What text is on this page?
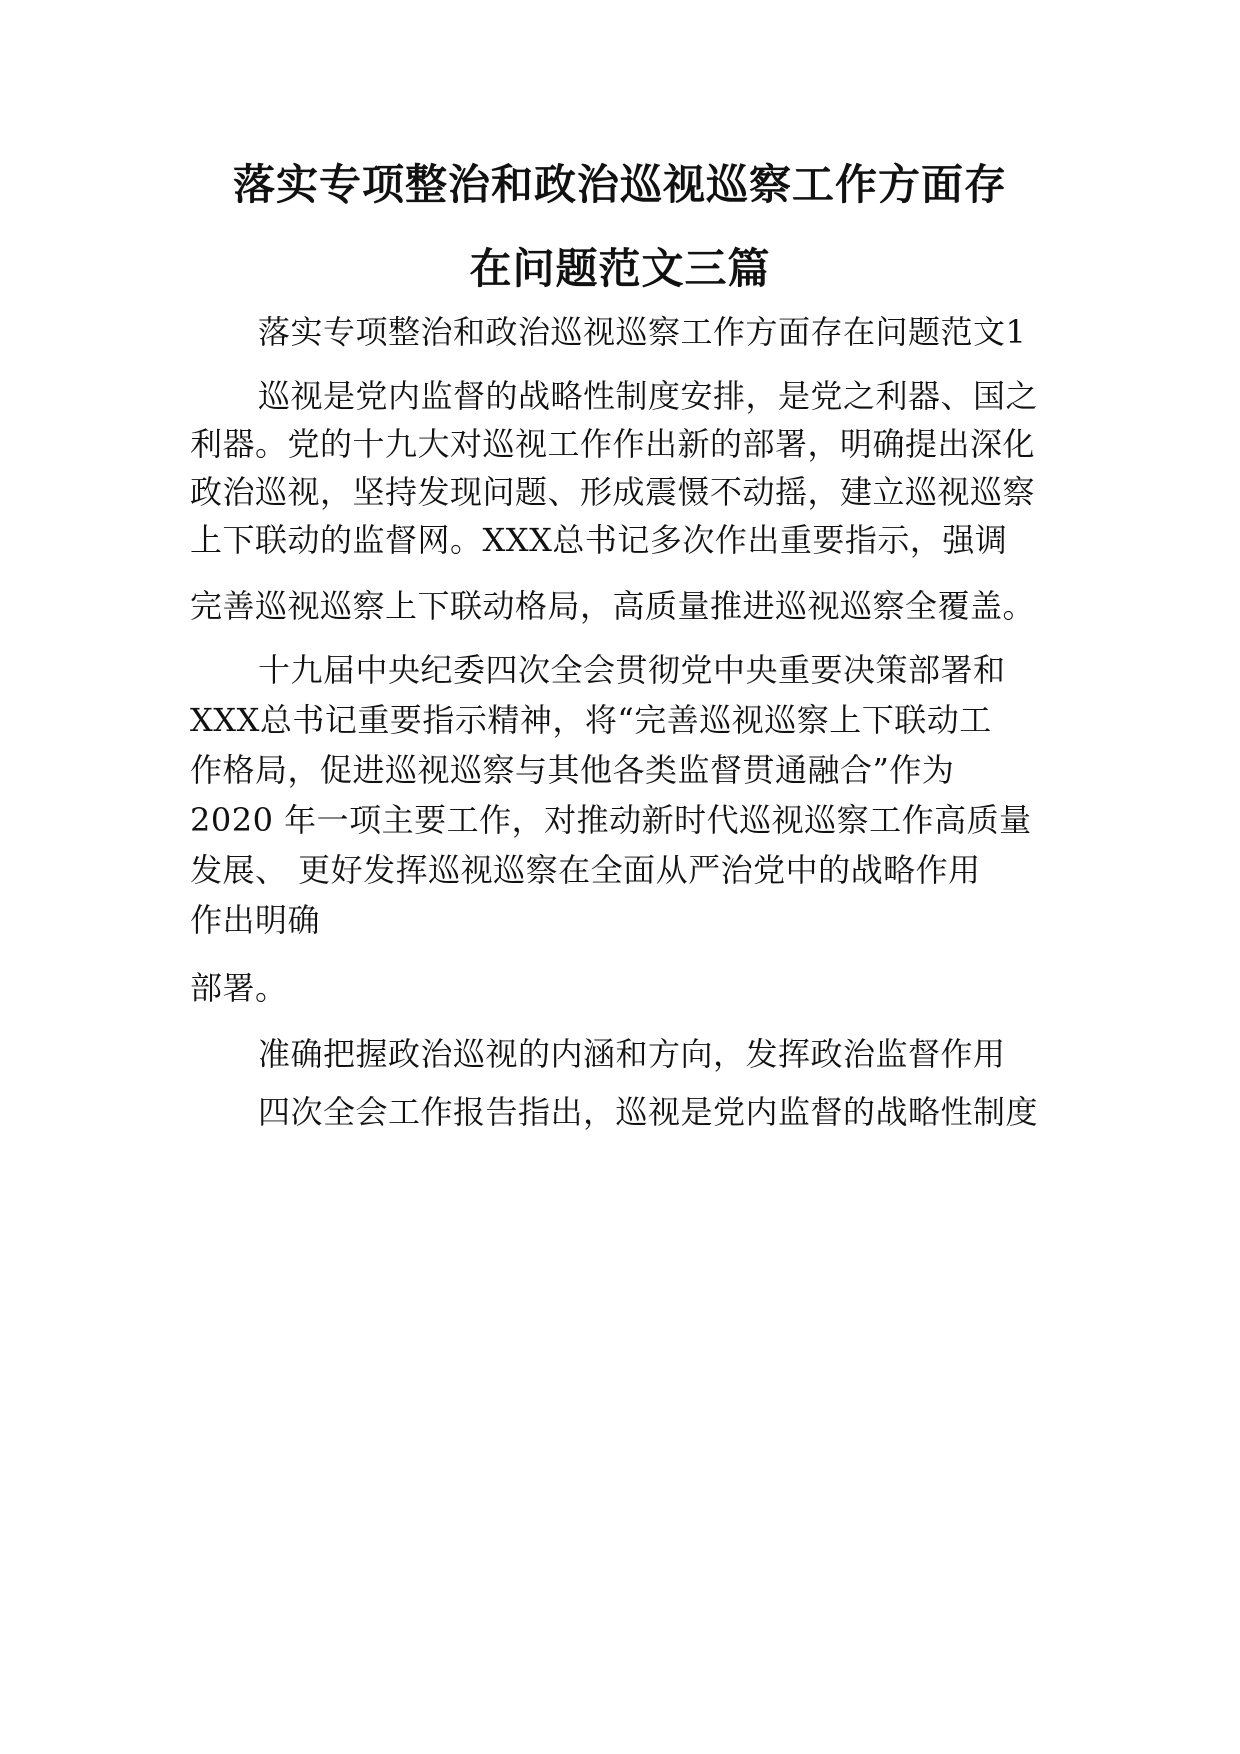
落实专项整治和政治巡视巡察工作方面存
在问题范文三篇

落实专项整治和政治巡视巡察工作方面存在问题范文1

巡视是党内监督的战略性制度安排，是党之利器、国之

利器。党的十九大对巡视工作作出新的部署，明确提出深化

政治巡视，坚持发现问题、形成震慑不动摇，建立巡视巡察

上下联动的监督网。XXX总书记多次作出重要指示，强调

完善巡视巡察上下联动格局，高质量推进巡视巡察全覆盖。

十九届中央纪委四次全会贯彻党中央重要决策部署和

XXX总书记重要指示精神，将“完善巡视巡察上下联动工

作格局，促进巡视巡察与其他各类监督贯通融合”作为

2020 年一项主要工作，对推动新时代巡视巡察工作高质量

发展、 更好发挥巡视巡察在全面从严治党中的战略作用

作出明确

部署。

准确把握政治巡视的内涵和方向，发挥政治监督作用

四次全会工作报告指出，巡视是党内监督的战略性制度
